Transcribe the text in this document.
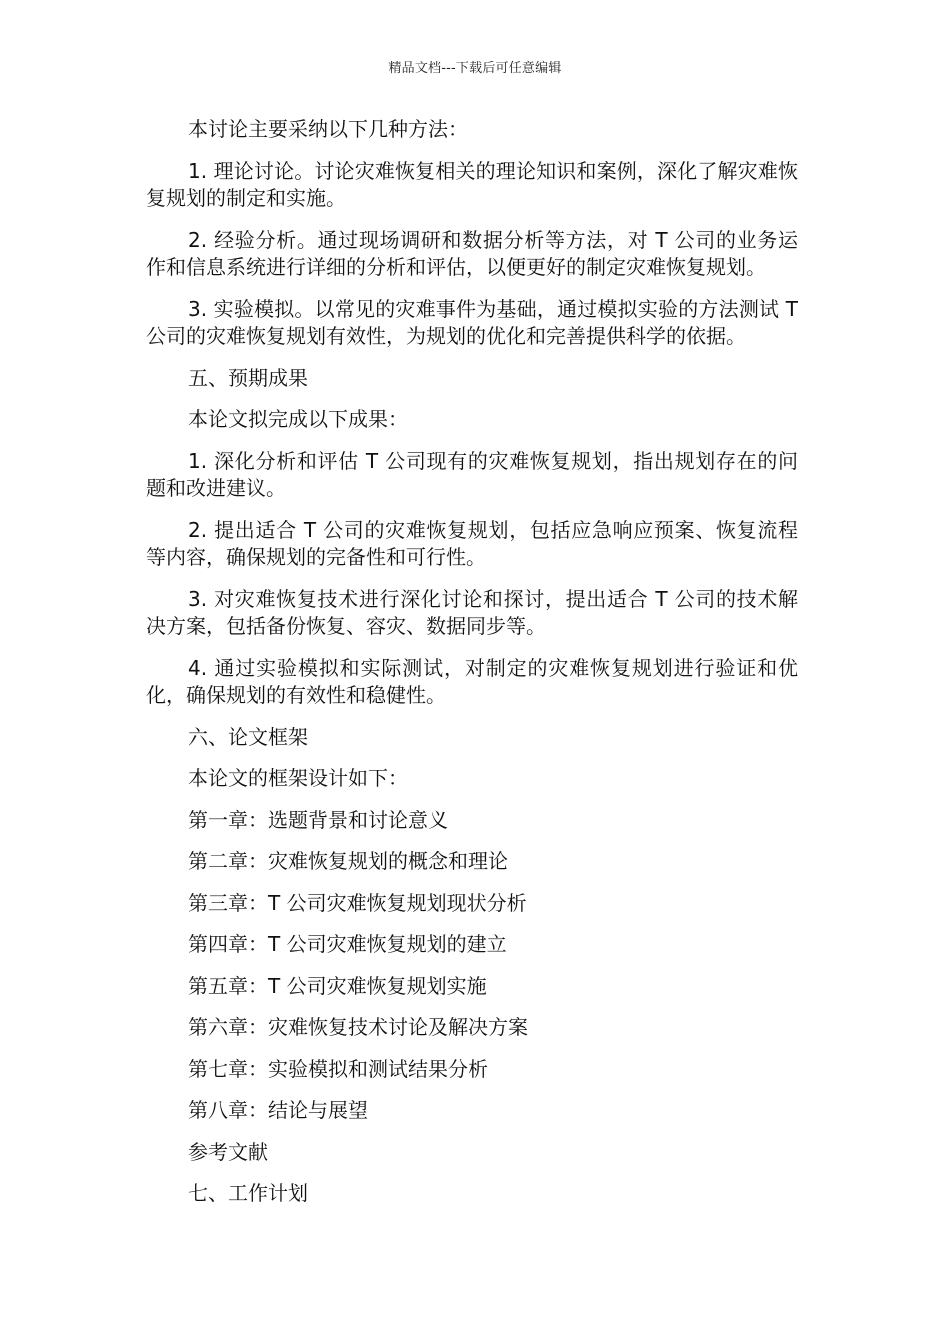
精品文档---下载后可任意编辑

本讨论主要采纳以下几种方法：

1. 理论讨论。讨论灾难恢复相关的理论知识和案例，深化了解灾难恢复规划的制定和实施。

2. 经验分析。通过现场调研和数据分析等方法，对 T 公司的业务运作和信息系统进行详细的分析和评估，以便更好的制定灾难恢复规划。

3. 实验模拟。以常见的灾难事件为基础，通过模拟实验的方法测试 T 公司的灾难恢复规划有效性，为规划的优化和完善提供科学的依据。

五、预期成果

本论文拟完成以下成果：

1. 深化分析和评估 T 公司现有的灾难恢复规划，指出规划存在的问题和改进建议。

2. 提出适合 T 公司的灾难恢复规划，包括应急响应预案、恢复流程等内容，确保规划的完备性和可行性。

3. 对灾难恢复技术进行深化讨论和探讨，提出适合 T 公司的技术解决方案，包括备份恢复、容灾、数据同步等。

4. 通过实验模拟和实际测试，对制定的灾难恢复规划进行验证和优化，确保规划的有效性和稳健性。

六、论文框架

本论文的框架设计如下：

第一章：选题背景和讨论意义

第二章：灾难恢复规划的概念和理论

第三章：T 公司灾难恢复规划现状分析

第四章：T 公司灾难恢复规划的建立

第五章：T 公司灾难恢复规划实施

第六章：灾难恢复技术讨论及解决方案

第七章：实验模拟和测试结果分析

第八章：结论与展望

参考文献

七、工作计划
